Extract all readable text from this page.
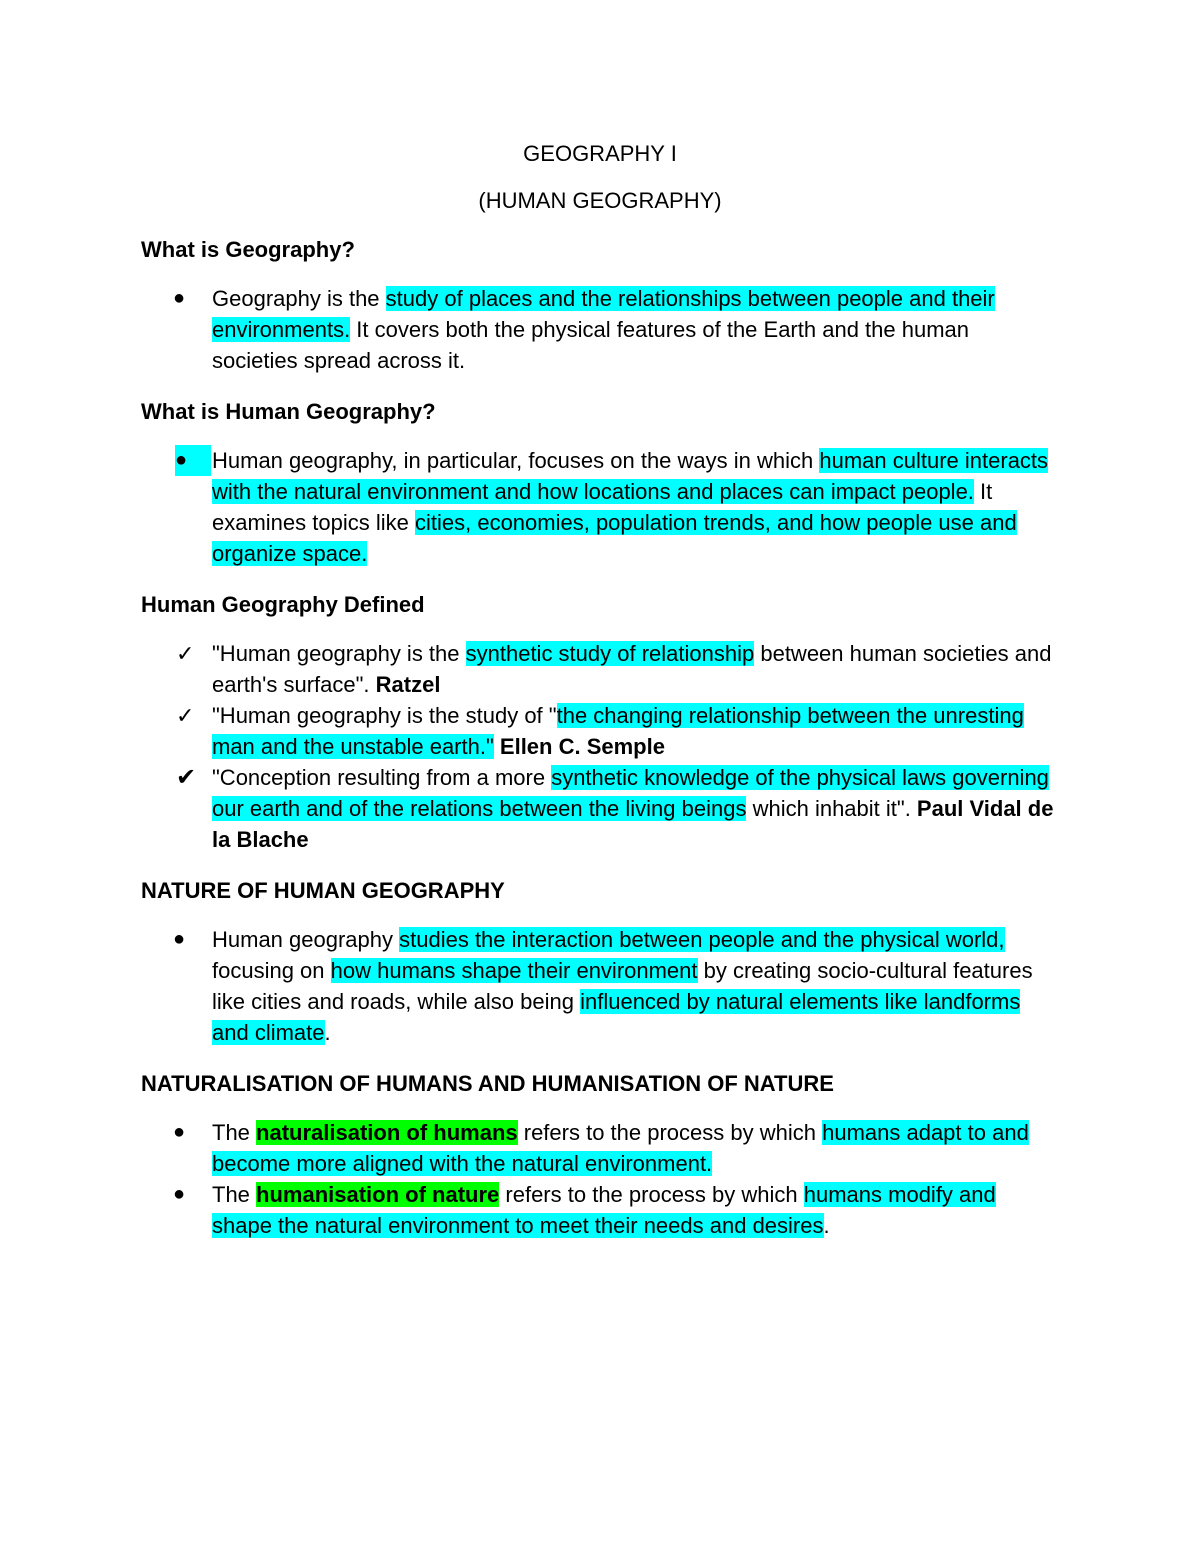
GEOGRAPHY I
(HUMAN GEOGRAPHY)
What is Geography?
●	Geography is the study of places and the relationships between people and their environments. It covers both the physical features of the Earth and the human societies spread across it.
What is Human Geography?
●	Human geography, in particular, focuses on the ways in which human culture interacts with the natural environment and how locations and places can impact people. It examines topics like cities, economies, population trends, and how people use and organize space.
Human Geography Defined
✓ "Human geography is the synthetic study of relationship between human societies and earth's surface". Ratzel
✓ "Human geography is the study of "the changing relationship between the unresting man and the unstable earth." Ellen C. Semple
✔ "Conception resulting from a more synthetic knowledge of the physical laws governing our earth and of the relations between the living beings which inhabit it". Paul Vidal de la Blache
NATURE OF HUMAN GEOGRAPHY
●	Human geography studies the interaction between people and the physical world, focusing on how humans shape their environment by creating socio-cultural features like cities and roads, while also being influenced by natural elements like landforms and climate.
NATURALISATION OF HUMANS AND HUMANISATION OF NATURE
●	The naturalisation of humans refers to the process by which humans adapt to and become more aligned with the natural environment.
●	The humanisation of nature refers to the process by which humans modify and shape the natural environment to meet their needs and desires.
